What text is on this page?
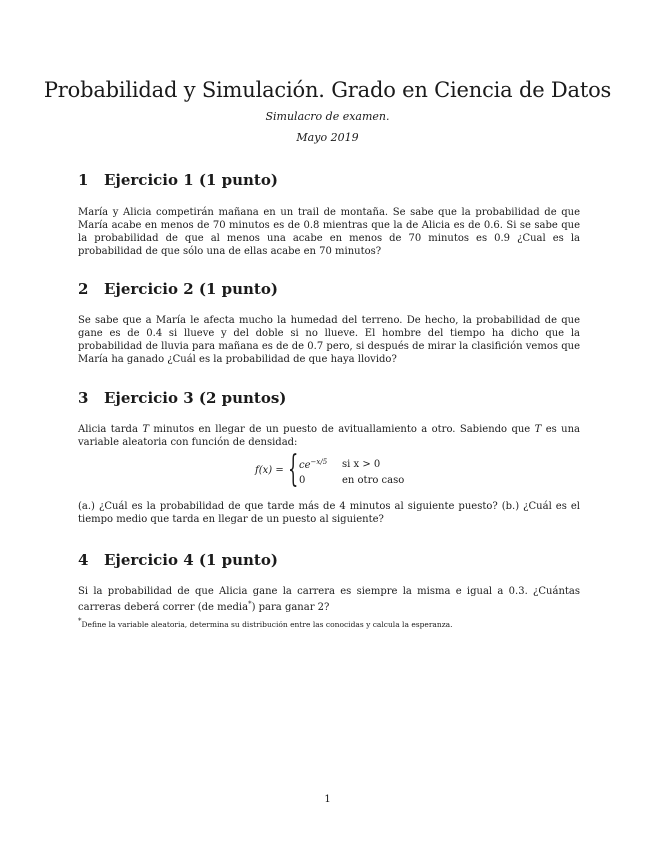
Probabilidad y Simulación. Grado en Ciencia de Datos
Simulacro de examen.
Mayo 2019
1 Ejercicio 1 (1 punto)
María y Alicia competirán mañana en un trail de montaña. Se sabe que la probabilidad de que María acabe en menos de 70 minutos es de 0.8 mientras que la de Alicia es de 0.6. Si se sabe que la probabilidad de que al menos una acabe en menos de 70 minutos es 0.9 ¿Cual es la probabilidad de que sólo una de ellas acabe en 70 minutos?
2 Ejercicio 2 (1 punto)
Se sabe que a María le afecta mucho la humedad del terreno. De hecho, la probabilidad de que gane es de 0.4 si llueve y del doble si no llueve. El hombre del tiempo ha dicho que la probabilidad de lluvia para mañana es de de 0.7 pero, si después de mirar la clasifición vemos que María ha ganado ¿Cuál es la probabilidad de que haya llovido?
3 Ejercicio 3 (2 puntos)
Alicia tarda T minutos en llegar de un puesto de avituallamiento a otro. Sabiendo que T es una variable aleatoria con función de densidad:
f(x) = { $ce^{-x/5}$ si x > 0
0	en otro caso
(a.) ¿Cuál es la probabilidad de que tarde más de 4 minutos al siguiente puesto? (b.) ¿Cuál es el tiempo medio que tarda en llegar de un puesto al siguiente?
4 Ejercicio 4 (1 punto)
Si la probabilidad de que Alicia gane la carrera es siempre la misma e igual a 0.3. ¿Cuántas carreras deberá correr (de media*) para ganar 2?
*Define la variable aleatoria, determina su distribución entre las conocidas y calcula la esperanza.
1
